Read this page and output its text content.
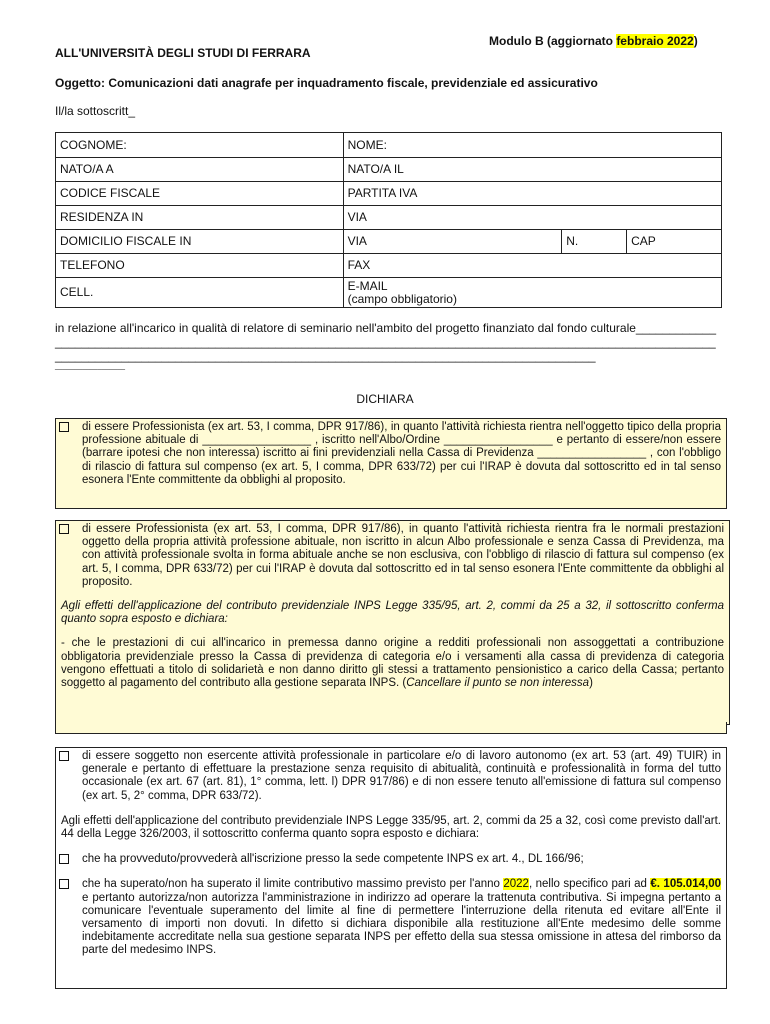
Modulo B (aggiornato febbraio 2022)
ALL'UNIVERSITÀ DEGLI STUDI DI FERRARA
Oggetto: Comunicazioni dati anagrafe per inquadramento fiscale, previdenziale ed assicurativo
Il/la sottoscritt_
COGNOME:	NOME:		
NATO/A A	NATO/A IL		
CODICE FISCALE	PARTITA IVA		
RESIDENZA IN	VIA		
DOMICILIO FISCALE IN	VIA	N.	CAP
TELEFONO	FAX		
CELL.	E-MAIL
(campo obbligatorio)		
in relazione all'incarico in qualità di relatore di seminario nell'ambito del progetto finanziato dal fondo culturale________________________________________________________________________________________________________________________________________________________________________________________________
__________________
DICHIARA
di essere Professionista (ex art. 53, I comma, DPR 917/86), in quanto l'attività richiesta rientra nell'oggetto tipico della propria professione abituale di _________________ , iscritto nell'Albo/Ordine _________________ e pertanto di essere/non essere (barrare ipotesi che non interessa) iscritto ai fini previdenziali nella Cassa di Previdenza _________________ , con l'obbligo di rilascio di fattura sul compenso (ex art. 5, I comma, DPR 633/72) per cui l'IRAP è dovuta dal sottoscritto ed in tal senso esonera l'Ente committente da obblighi al proposito.
di essere Professionista (ex art. 53, I comma, DPR 917/86), in quanto l'attività richiesta rientra fra le normali prestazioni oggetto della propria attività professione abituale, non iscritto in alcun Albo professionale e senza Cassa di Previdenza, ma con attività professionale svolta in forma abituale anche se non esclusiva, con l'obbligo di rilascio di fattura sul compenso (ex art. 5, I comma, DPR 633/72) per cui l'IRAP è dovuta dal sottoscritto ed in tal senso esonera l'Ente committente da obblighi al proposito.
Agli effetti dell'applicazione del contributo previdenziale INPS Legge 335/95, art. 2, commi da 25 a 32, il sottoscritto conferma quanto sopra esposto e dichiara:
- che le prestazioni di cui all'incarico in premessa danno origine a redditi professionali non assoggettati a contribuzione obbligatoria previdenziale presso la Cassa di previdenza di categoria e/o i versamenti alla cassa di previdenza di categoria vengono effettuati a titolo di solidarietà e non danno diritto gli stessi a trattamento pensionistico a carico della Cassa; pertanto soggetto al pagamento del contributo alla gestione separata INPS. (Cancellare il punto se non interessa)
di essere soggetto non esercente attività professionale in particolare e/o di lavoro autonomo (ex art. 53 (art. 49) TUIR) in generale e pertanto di effettuare la prestazione senza requisito di abitualità, continuità e professionalità in forma del tutto occasionale (ex art. 67 (art. 81), 1° comma, lett. l) DPR 917/86) e di non essere tenuto all'emissione di fattura sul compenso (ex art. 5, 2° comma, DPR 633/72).
Agli effetti dell'applicazione del contributo previdenziale INPS Legge 335/95, art. 2, commi da 25 a 32, così come previsto dall'art. 44 della Legge 326/2003, il sottoscritto conferma quanto sopra esposto e dichiara:
che ha provveduto/provvederà all'iscrizione presso la sede competente INPS ex art. 4., DL 166/96;
che ha superato/non ha superato il limite contributivo massimo previsto per l'anno 2022, nello specifico pari ad €. 105.014,00 e pertanto autorizza/non autorizza l'amministrazione in indirizzo ad operare la trattenuta contributiva. Si impegna pertanto a comunicare l'eventuale superamento del limite al fine di permettere l'interruzione della ritenuta ed evitare all'Ente il versamento di importi non dovuti. In difetto si dichiara disponibile alla restituzione all'Ente medesimo delle somme indebitamente accreditate nella sua gestione separata INPS per effetto della sua stessa omissione in attesa del rimborso da parte del medesimo INPS.
